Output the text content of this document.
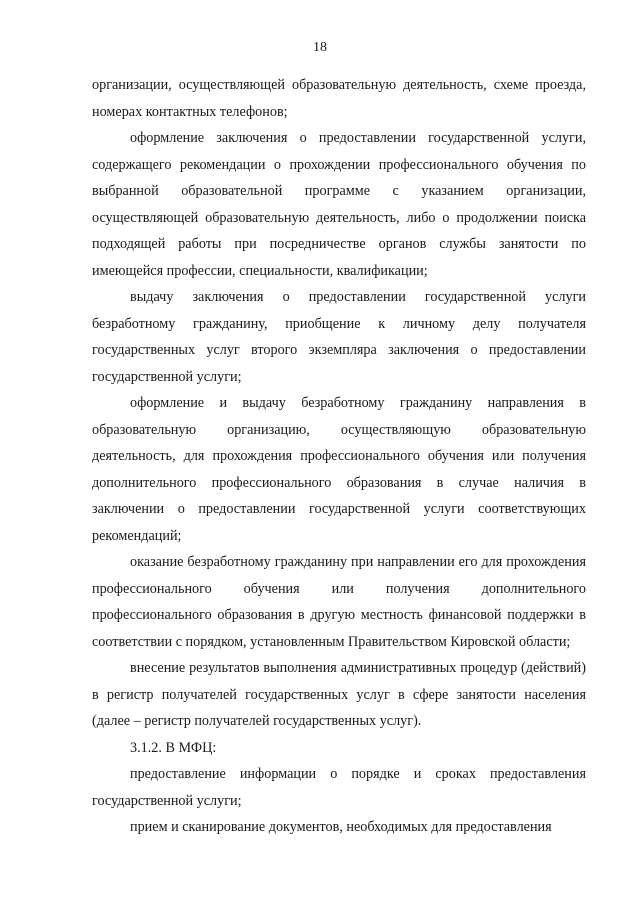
18

организации, осуществляющей образовательную деятельность, схеме проезда, номерах контактных телефонов;

оформление заключения о предоставлении государственной услуги, содержащего рекомендации о прохождении профессионального обучения по выбранной образовательной программе с указанием организации, осуществляющей образовательную деятельность, либо о продолжении поиска подходящей работы при посредничестве органов службы занятости по имеющейся профессии, специальности, квалификации;

выдачу заключения о предоставлении государственной услуги безработному гражданину, приобщение к личному делу получателя государственных услуг второго экземпляра заключения о предоставлении государственной услуги;

оформление и выдачу безработному гражданину направления в образовательную организацию, осуществляющую образовательную деятельность, для прохождения профессионального обучения или получения дополнительного профессионального образования в случае наличия в заключении о предоставлении государственной услуги соответствующих рекомендаций;

оказание безработному гражданину при направлении его для прохождения профессионального обучения или получения дополнительного профессионального образования в другую местность финансовой поддержки в соответствии с порядком, установленным Правительством Кировской области;

внесение результатов выполнения административных процедур (действий) в регистр получателей государственных услуг в сфере занятости населения (далее – регистр получателей государственных услуг).

3.1.2. В МФЦ:

предоставление информации о порядке и сроках предоставления государственной услуги;

прием и сканирование документов, необходимых для предоставления
